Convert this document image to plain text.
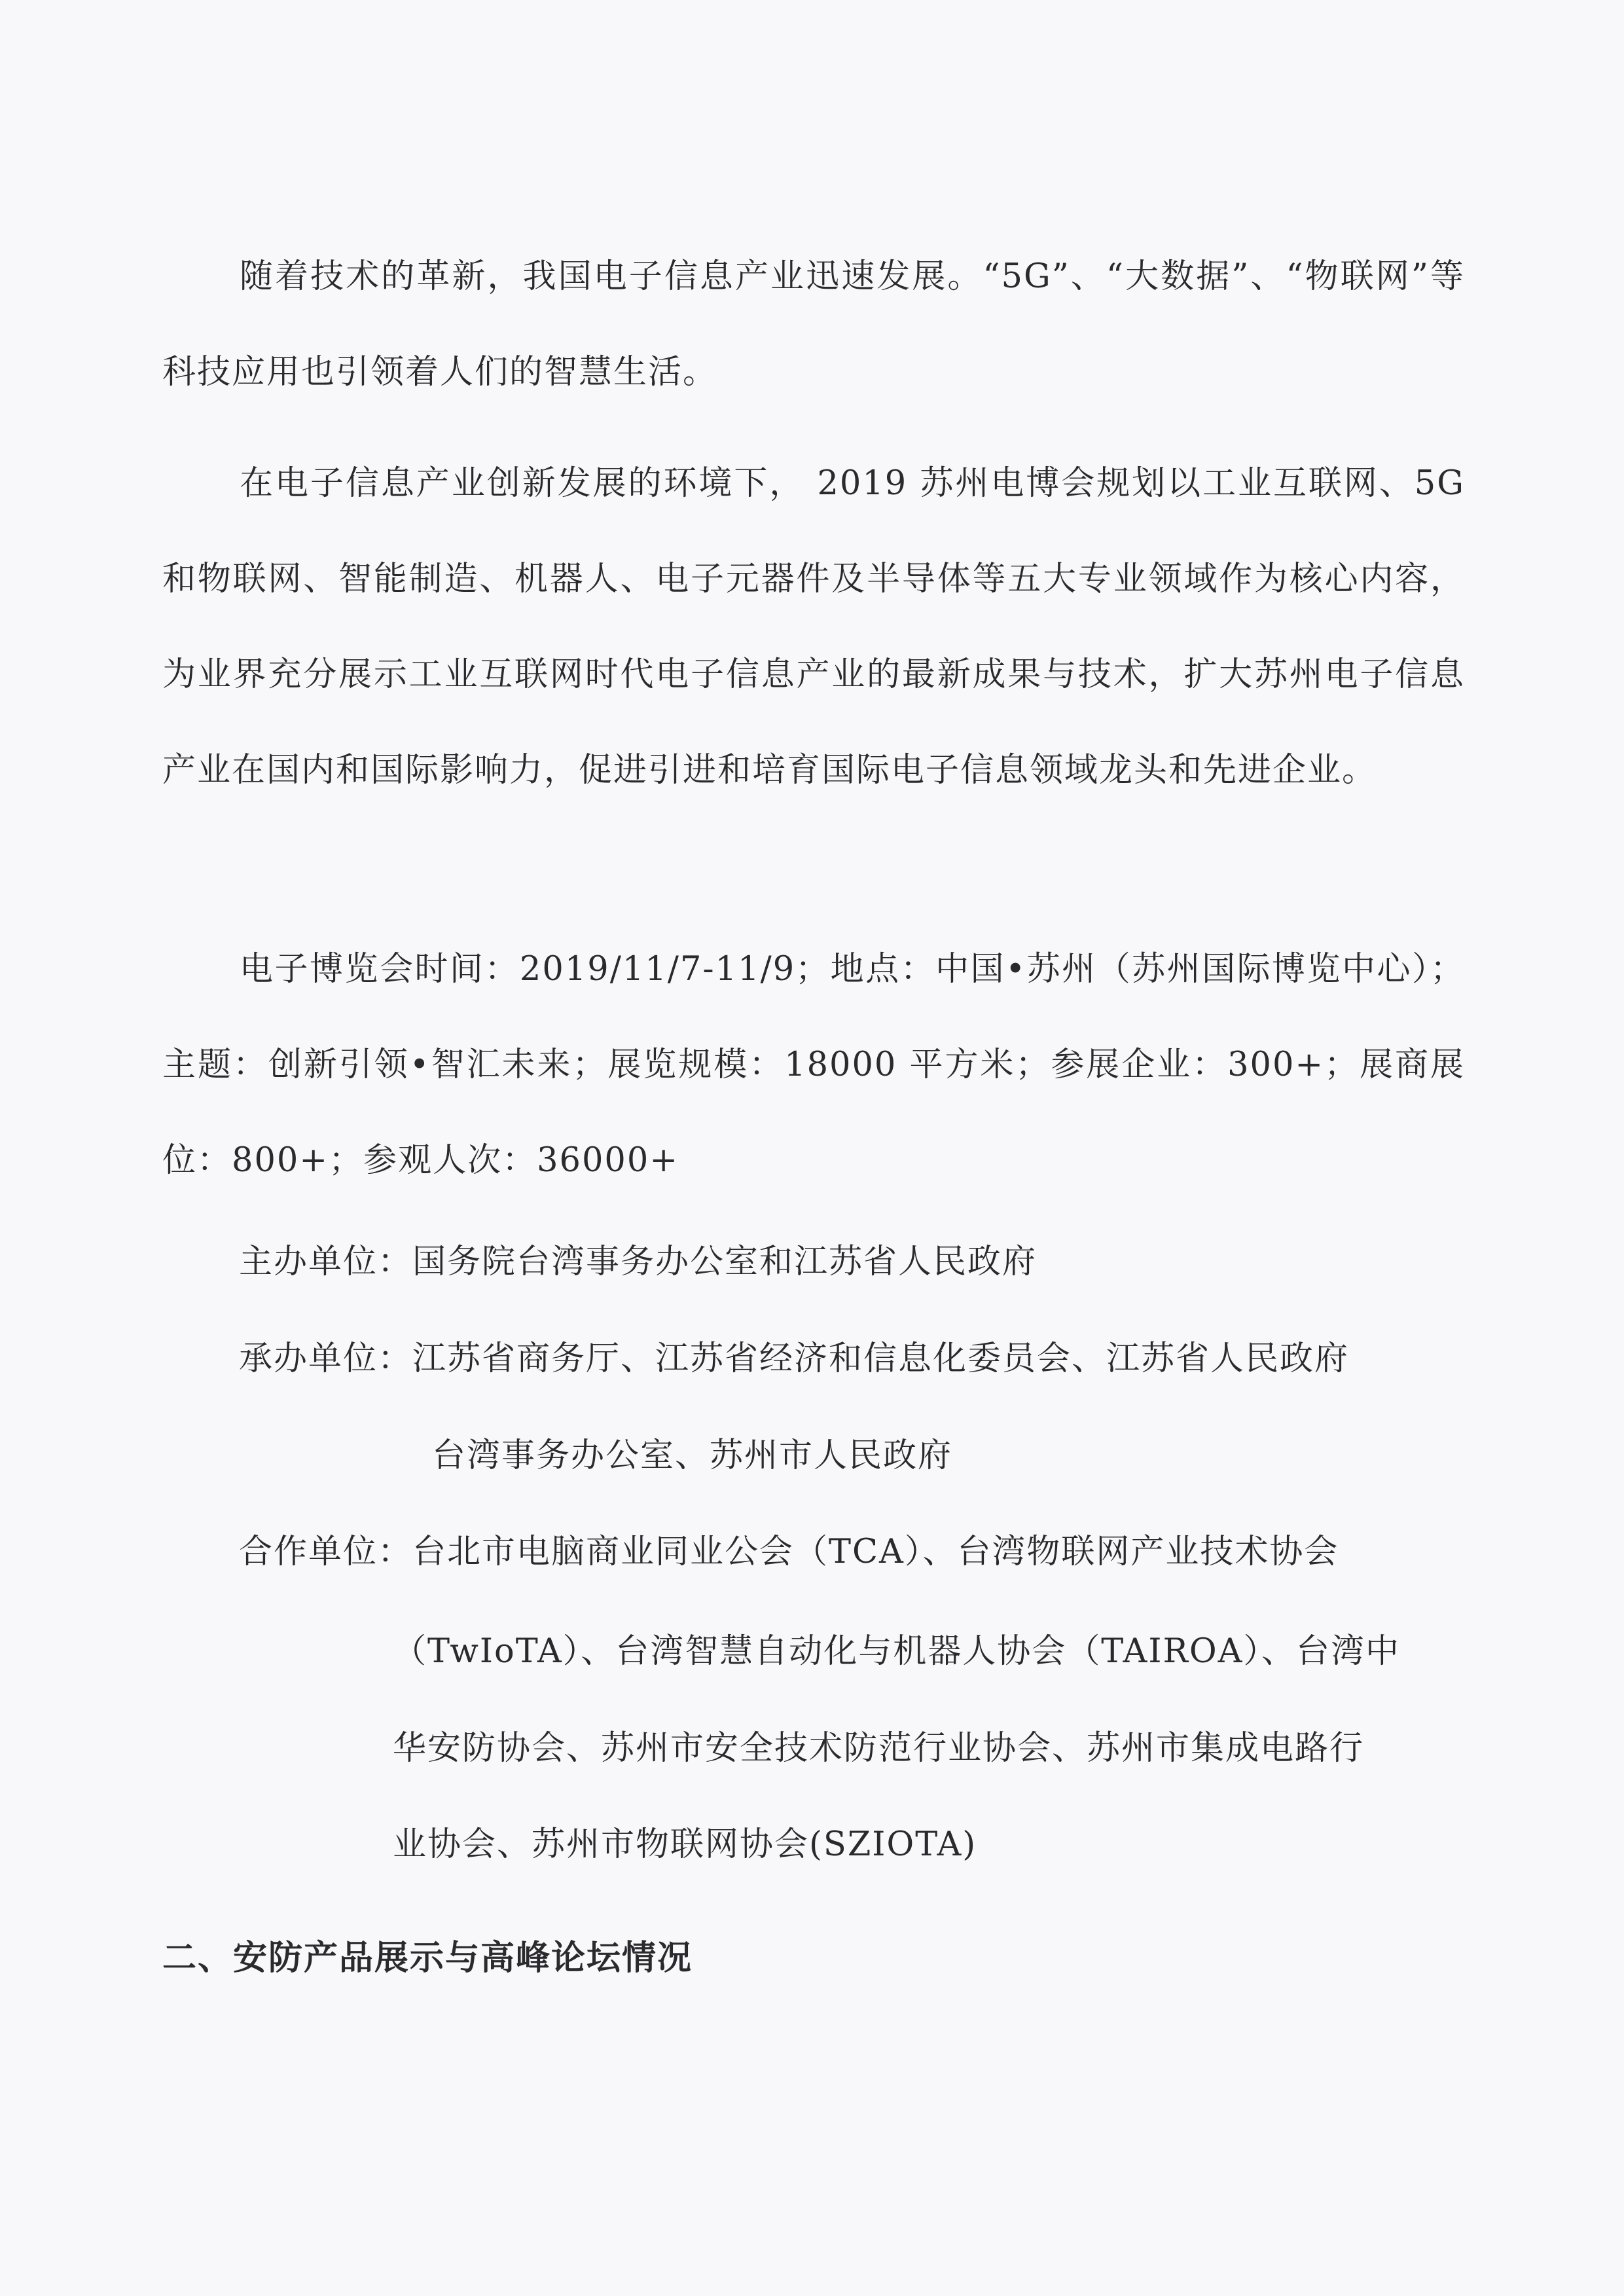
随着技术的革新，我国电子信息产业迅速发展。“5G”、“大数据”、“物联网”等科技应用也引领着人们的智慧生活。

在电子信息产业创新发展的环境下， 2019 苏州电博会规划以工业互联网、5G 和物联网、智能制造、机器人、电子元器件及半导体等五大专业领域作为核心内容，为业界充分展示工业互联网时代电子信息产业的最新成果与技术，扩大苏州电子信息产业在国内和国际影响力，促进引进和培育国际电子信息领域龙头和先进企业。

电子博览会时间：2019/11/7-11/9；地点：中国•苏州（苏州国际博览中心）；主题：创新引领•智汇未来；展览规模：18000 平方米；参展企业：300+；展商展位：800+；参观人次：36000+

主办单位：国务院台湾事务办公室和江苏省人民政府
承办单位：江苏省商务厅、江苏省经济和信息化委员会、江苏省人民政府
台湾事务办公室、苏州市人民政府
合作单位：台北市电脑商业同业公会（TCA）、台湾物联网产业技术协会
（TwIoTA）、台湾智慧自动化与机器人协会（TAIROA）、台湾中
华安防协会、苏州市安全技术防范行业协会、苏州市集成电路行
业协会、苏州市物联网协会(SZIOTA)
二、安防产品展示与高峰论坛情况
